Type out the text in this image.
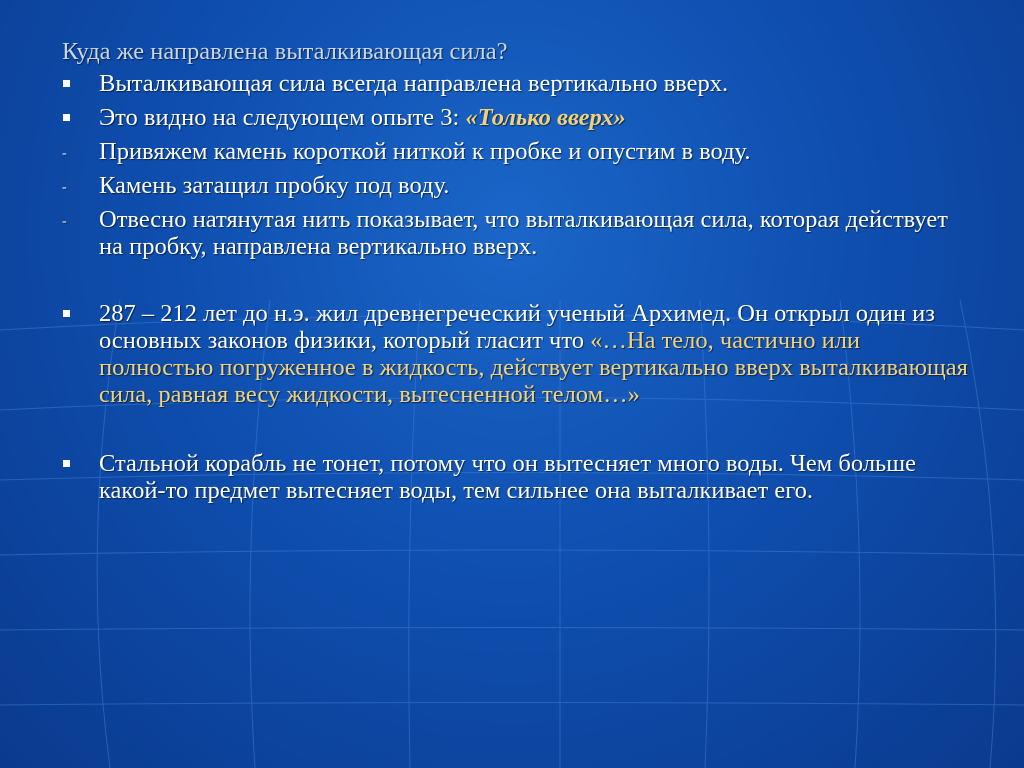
Куда же направлена выталкивающая сила?
Выталкивающая сила всегда направлена вертикально вверх.
Это видно на следующем опыте 3: «Только вверх»
-	Привяжем камень короткой ниткой к пробке и опустим в воду.
-	Камень затащил пробку под воду.
-	Отвесно натянутая нить показывает, что выталкивающая сила, которая действует на пробку, направлена вертикально вверх.
287 – 212 лет до н.э. жил древнегреческий ученый Архимед. Он открыл один из основных законов физики, который гласит что «…На тело, частично или полностью погруженное в жидкость, действует вертикально вверх выталкивающая сила, равная весу жидкости, вытесненной телом…»
Стальной корабль не тонет, потому что он вытесняет много воды. Чем больше какой-то предмет вытесняет воды, тем сильнее она выталкивает его.
